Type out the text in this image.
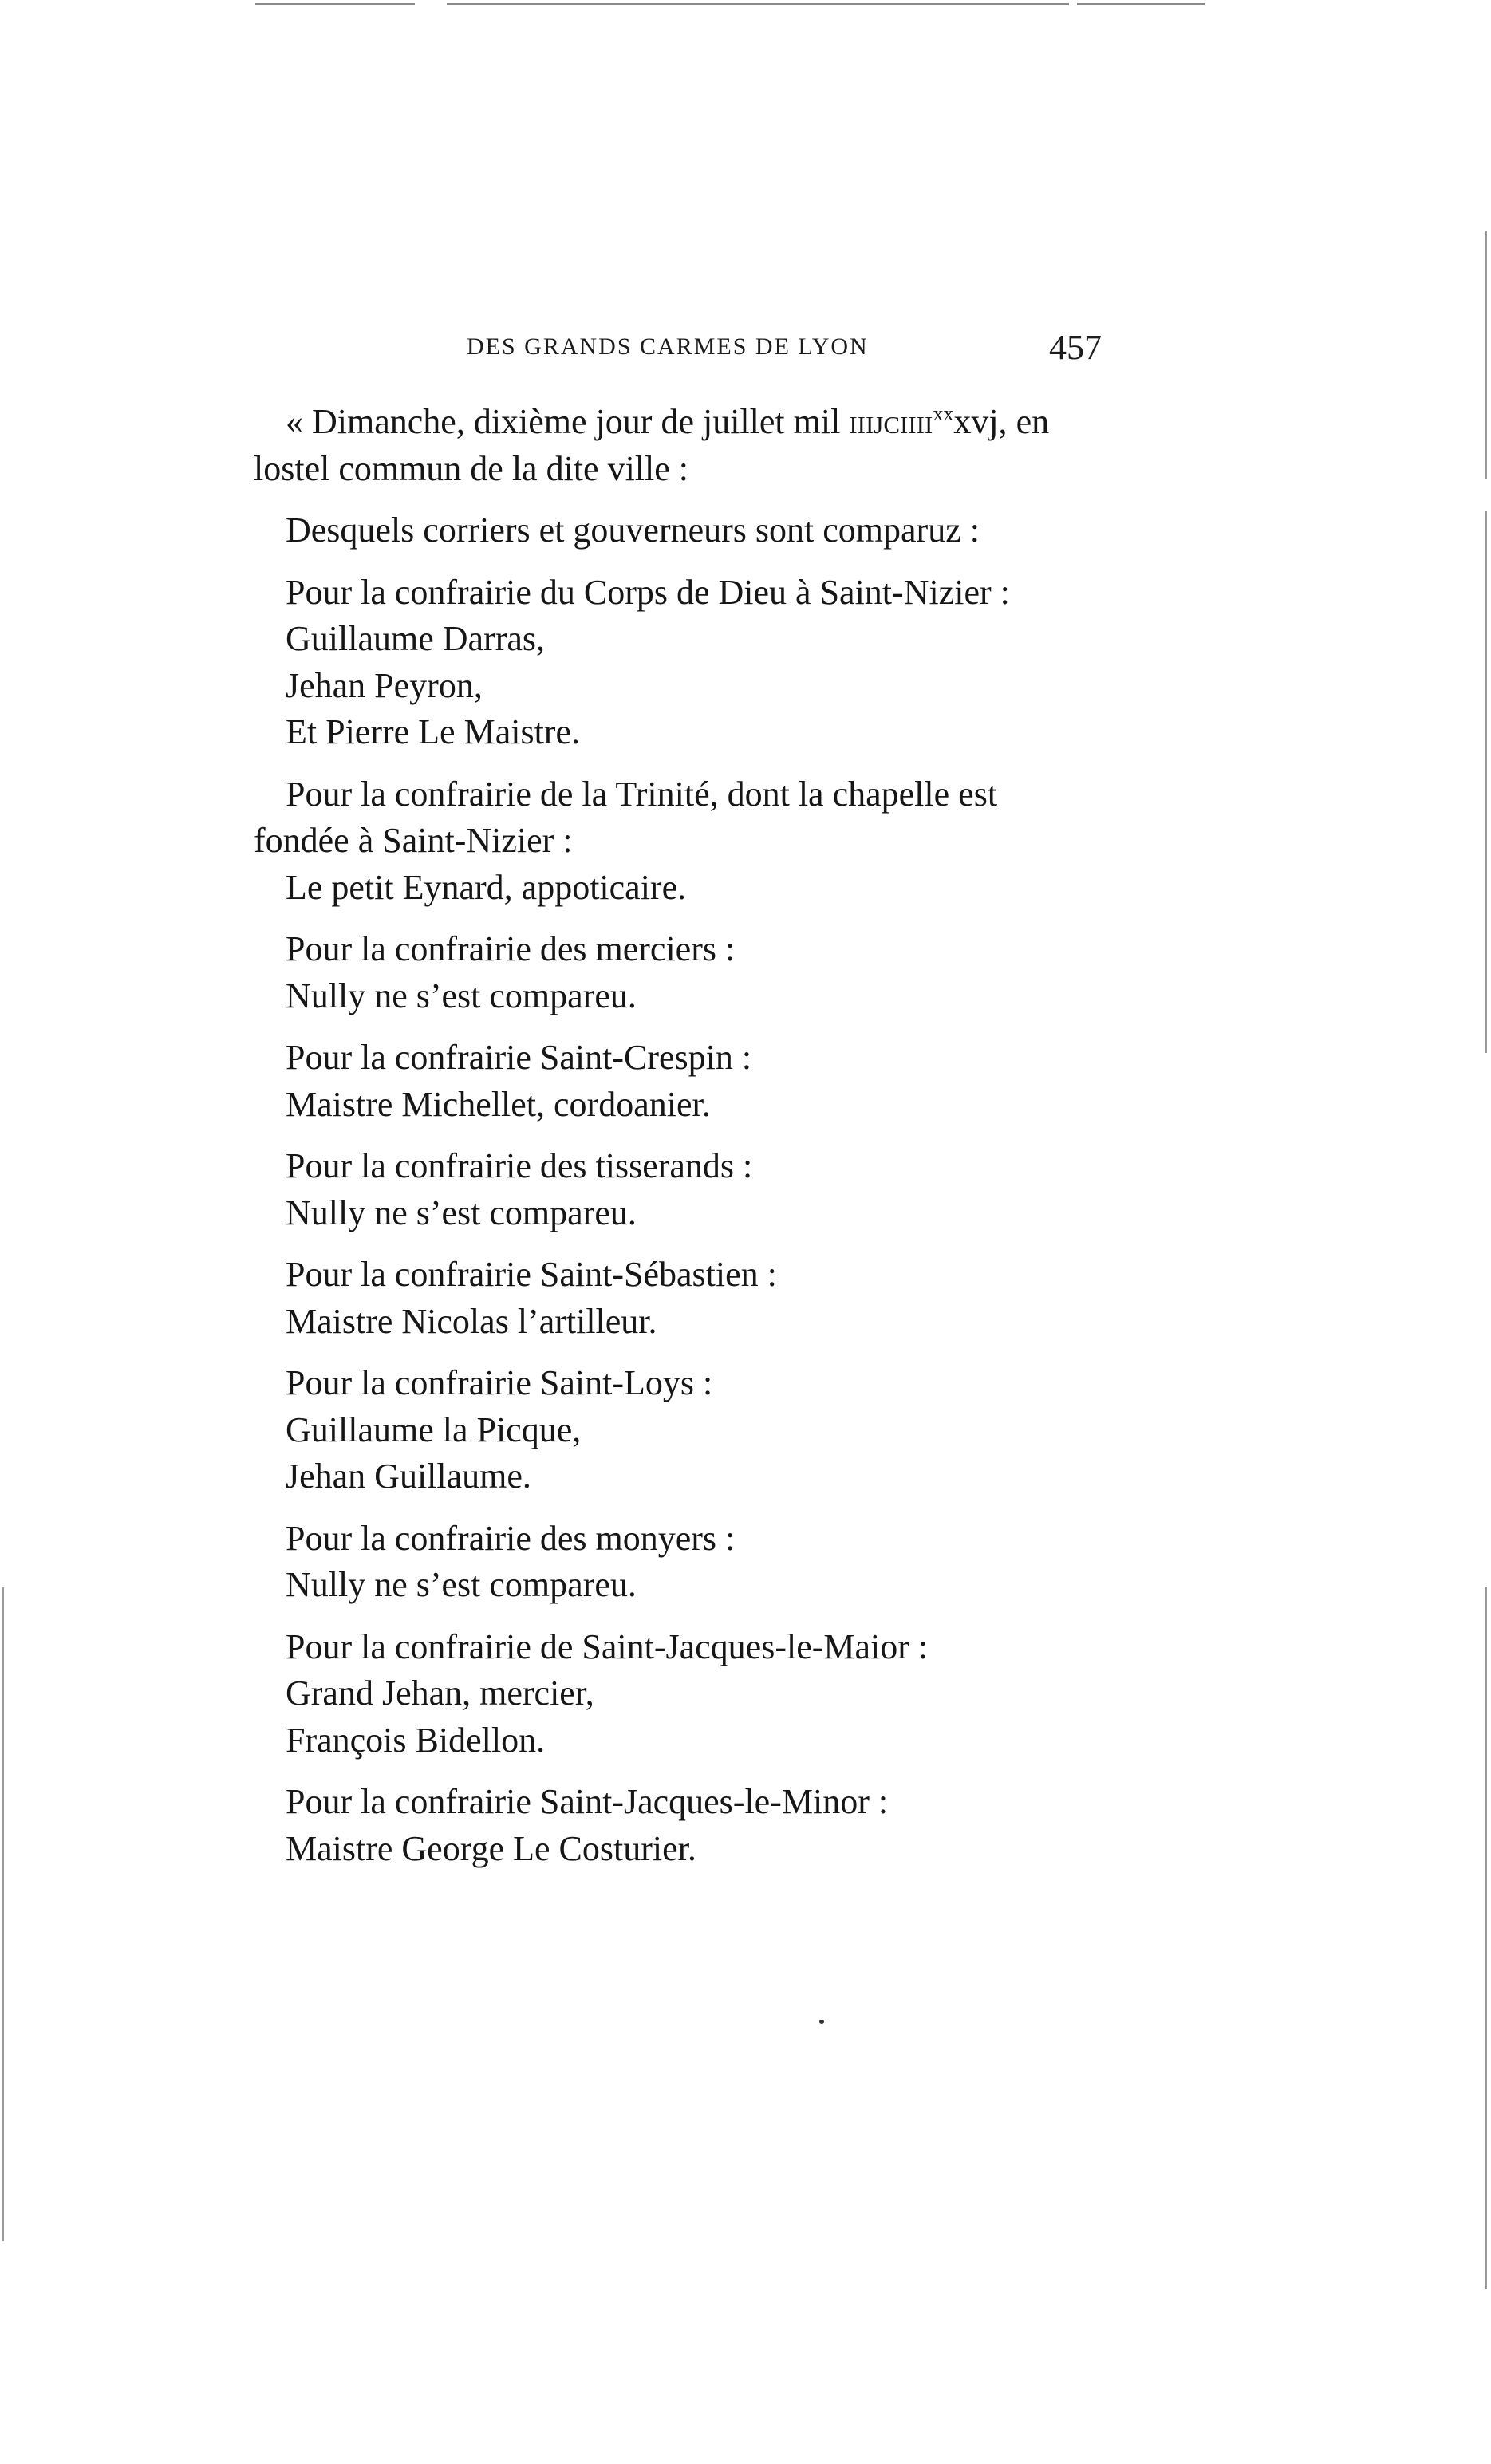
DES GRANDS CARMES DE LYON	457
« Dimanche, dixième jour de juillet mil iiijciiii$^{xx}$xvj, en
lostel commun de la dite ville :
Desquels corriers et gouverneurs sont comparuz :
Pour la confrairie du Corps de Dieu à Saint-Nizier :
Guillaume Darras,
Jehan Peyron,
Et Pierre Le Maistre.
Pour la confrairie de la Trinité, dont la chapelle est
fondée à Saint-Nizier :
Le petit Eynard, appoticaire.
Pour la confrairie des merciers :
Nully ne s’est compareu.
Pour la confrairie Saint-Crespin :
Maistre Michellet, cordoanier.
Pour la confrairie des tisserands :
Nully ne s’est compareu.
Pour la confrairie Saint-Sébastien :
Maistre Nicolas l’artilleur.
Pour la confrairie Saint-Loys :
Guillaume la Picque,
Jehan Guillaume.
Pour la confrairie des monyers :
Nully ne s’est compareu.
Pour la confrairie de Saint-Jacques-le-Maior :
Grand Jehan, mercier,
François Bidellon.
Pour la confrairie Saint-Jacques-le-Minor :
Maistre George Le Costurier.
